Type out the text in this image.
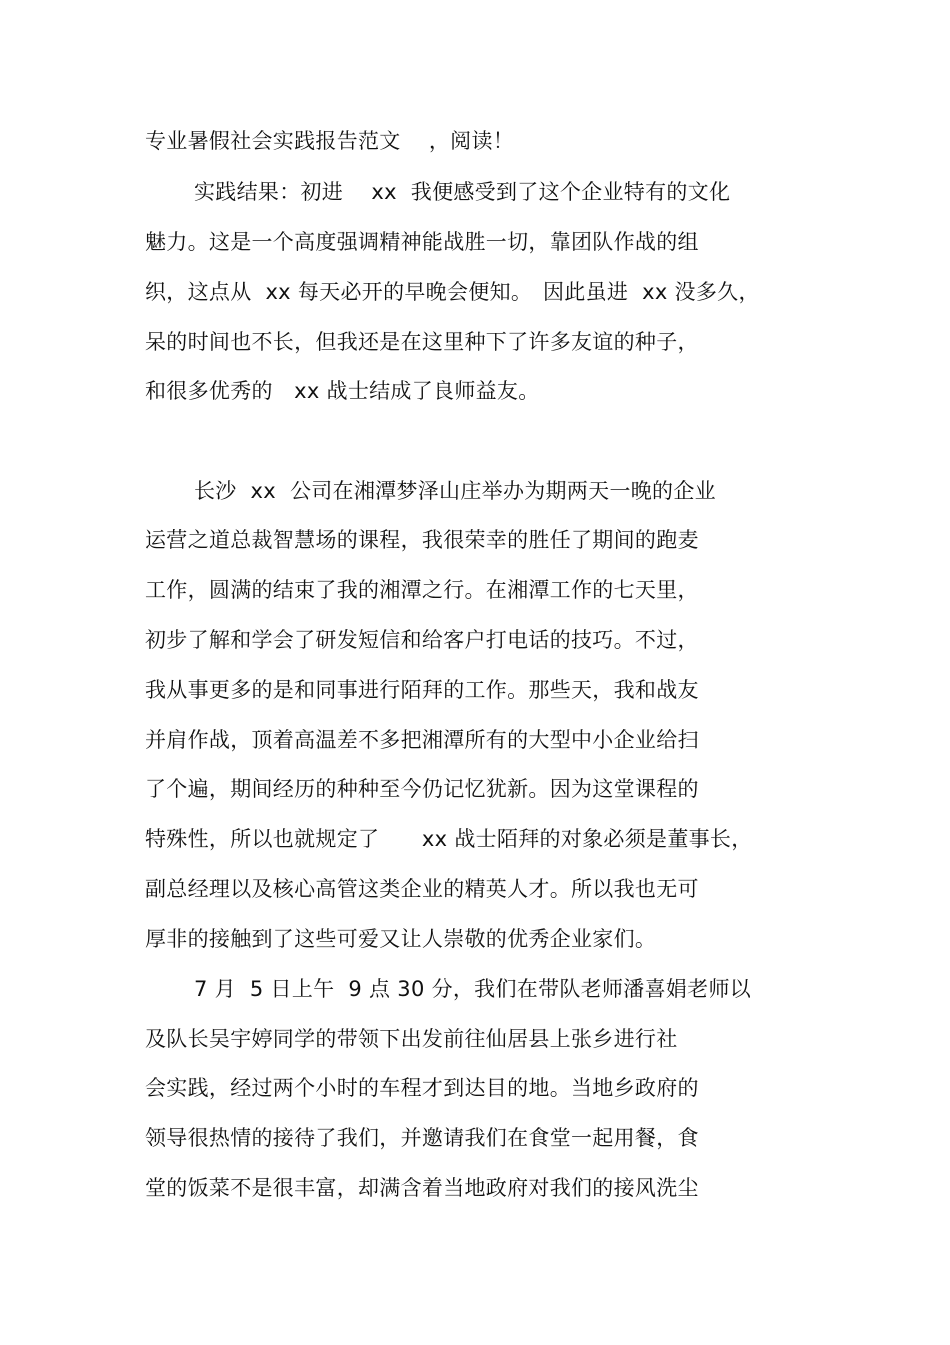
专业暑假社会实践报告范文　 ，阅读！
实践结果：初进　 xx  我便感受到了这个企业特有的文化
魅力。这是一个高度强调精神能战胜一切，靠团队作战的组
织，这点从  xx 每天必开的早晚会便知。　因此虽进  xx 没多久，
呆的时间也不长，但我还是在这里种下了许多友谊的种子，
和很多优秀的　xx 战士结成了良师益友。
长沙  xx  公司在湘潭梦泽山庄举办为期两天一晚的企业
运营之道总裁智慧场的课程，我很荣幸的胜任了期间的跑麦
工作，圆满的结束了我的湘潭之行。在湘潭工作的七天里，
初步了解和学会了研发短信和给客户打电话的技巧。不过，
我从事更多的是和同事进行陌拜的工作。那些天，我和战友
并肩作战，顶着高温差不多把湘潭所有的大型中小企业给扫
了个遍，期间经历的种种至今仍记忆犹新。因为这堂课程的
特殊性，所以也就规定了　　xx 战士陌拜的对象必须是董事长，
副总经理以及核心高管这类企业的精英人才。所以我也无可
厚非的接触到了这些可爱又让人崇敬的优秀企业家们。
7 月  5 日上午  9 点 30 分，我们在带队老师潘喜娟老师以
及队长吴宇婷同学的带领下出发前往仙居县上张乡进行社
会实践，经过两个小时的车程才到达目的地。当地乡政府的
领导很热情的接待了我们，并邀请我们在食堂一起用餐，食
堂的饭菜不是很丰富，却满含着当地政府对我们的接风洗尘
